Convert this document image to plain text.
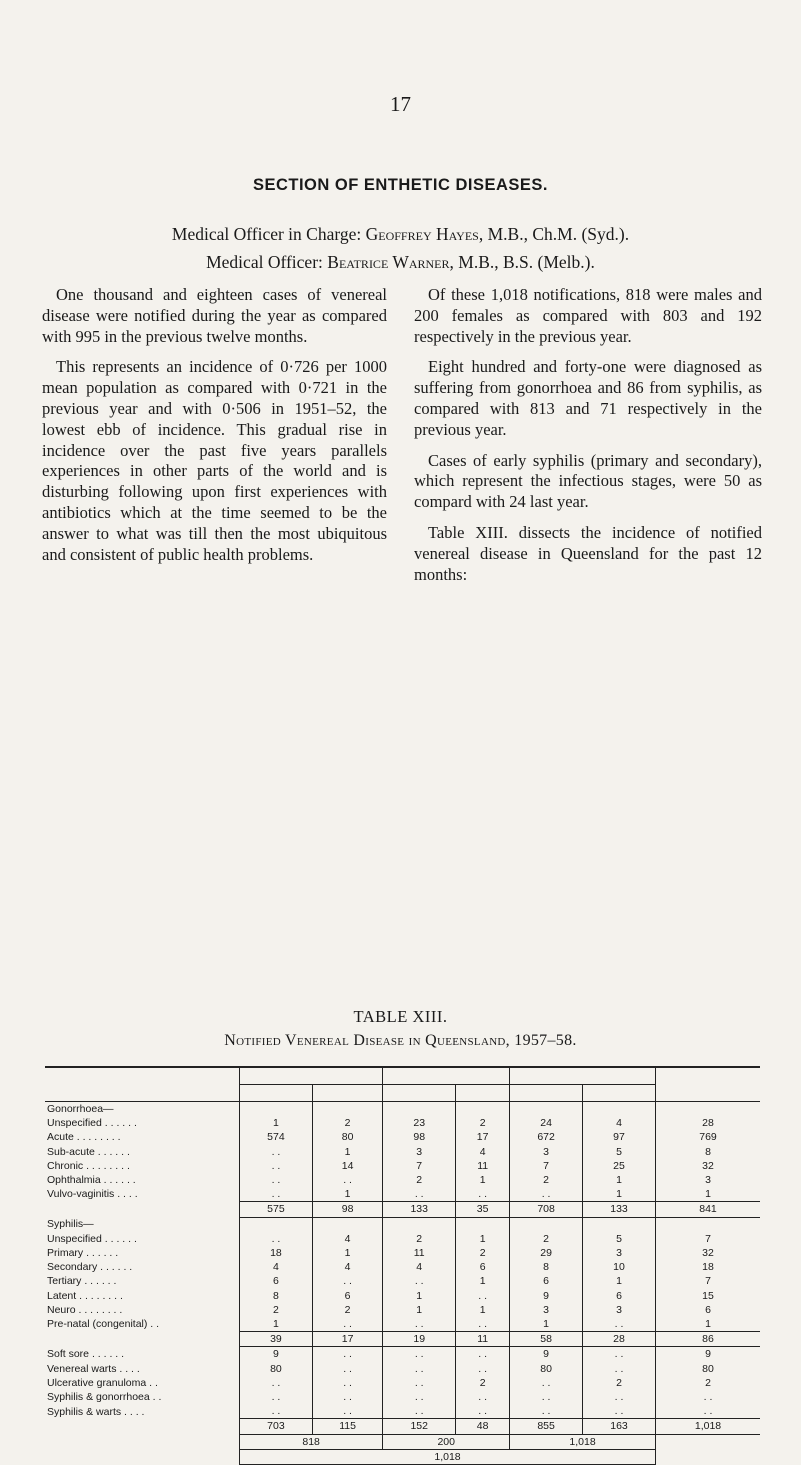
17
SECTION OF ENTHETIC DISEASES.
Medical Officer in Charge: Geoffrey Hayes, M.B., Ch.M. (Syd.).
Medical Officer: Beatrice Warner, M.B., B.S. (Melb.).

One thousand and eighteen cases of venereal disease were notified during the year as compared with 995 in the previous twelve months.

This represents an incidence of 0·726 per 1000 mean population as compared with 0·721 in the previous year and with 0·506 in 1951–52, the lowest ebb of incidence. This gradual rise in incidence over the past five years parallels experiences in other parts of the world and is disturbing following upon first experiences with antibiotics which at the time seemed to be the answer to what was till then the most ubiquitous and consistent of public health problems.

Of these 1,018 notifications, 818 were males and 200 females as compared with 803 and 192 respectively in the previous year.

Eight hundred and forty-one were diagnosed as suffering from gonorrhoea and 86 from syphilis, as compared with 813 and 71 respectively in the previous year.

Cases of early syphilis (primary and secondary), which represent the infectious stages, were 50 as compard with 24 last year.

Table XIII. dissects the incidence of notified venereal disease in Queensland for the past 12 months:

TABLE XIII.
Notified Venereal Disease in Queensland, 1957–58.

Gonorrhoea—							
Unspecified . . . . . .	1	2	23	2	24	4	28
Acute . . . . . . . .	574	80	98	17	672	97	769
Sub-acute . . . . . .	. .	1	3	4	3	5	8
Chronic . . . . . . . .	. .	14	7	11	7	25	32
Ophthalmia . . . . . .	. .	. .	2	1	2	1	3
Vulvo-vaginitis . . . .	. .	1	. .	. .	. .	1	1
	575	98	133	35	708	133	841
Syphilis—							
Unspecified . . . . . .	. .	4	2	1	2	5	7
Primary . . . . . .	18	1	11	2	29	3	32
Secondary . . . . . .	4	4	4	6	8	10	18
Tertiary . . . . . .	6	. .	. .	1	6	1	7
Latent . . . . . . . .	8	6	1	. .	9	6	15
Neuro . . . . . . . .	2	2	1	1	3	3	6
Pre-natal (congenital) . .	1	. .	. .	. .	1	. .	1
	39	17	19	11	58	28	86
Soft sore . . . . . .	9	. .	. .	. .	9	. .	9
Venereal warts . . . .	80	. .	. .	. .	80	. .	80
Ulcerative granuloma . .	. .	. .	. .	2	. .	2	2
Syphilis & gonorrhoea . .	. .	. .	. .	. .	. .	. .	. .
Syphilis & warts . . . .	. .	. .	. .	. .	. .	. .	. .
	703	115	152	48	855	163	1,018
	818		200		1,018		
	1,018						
